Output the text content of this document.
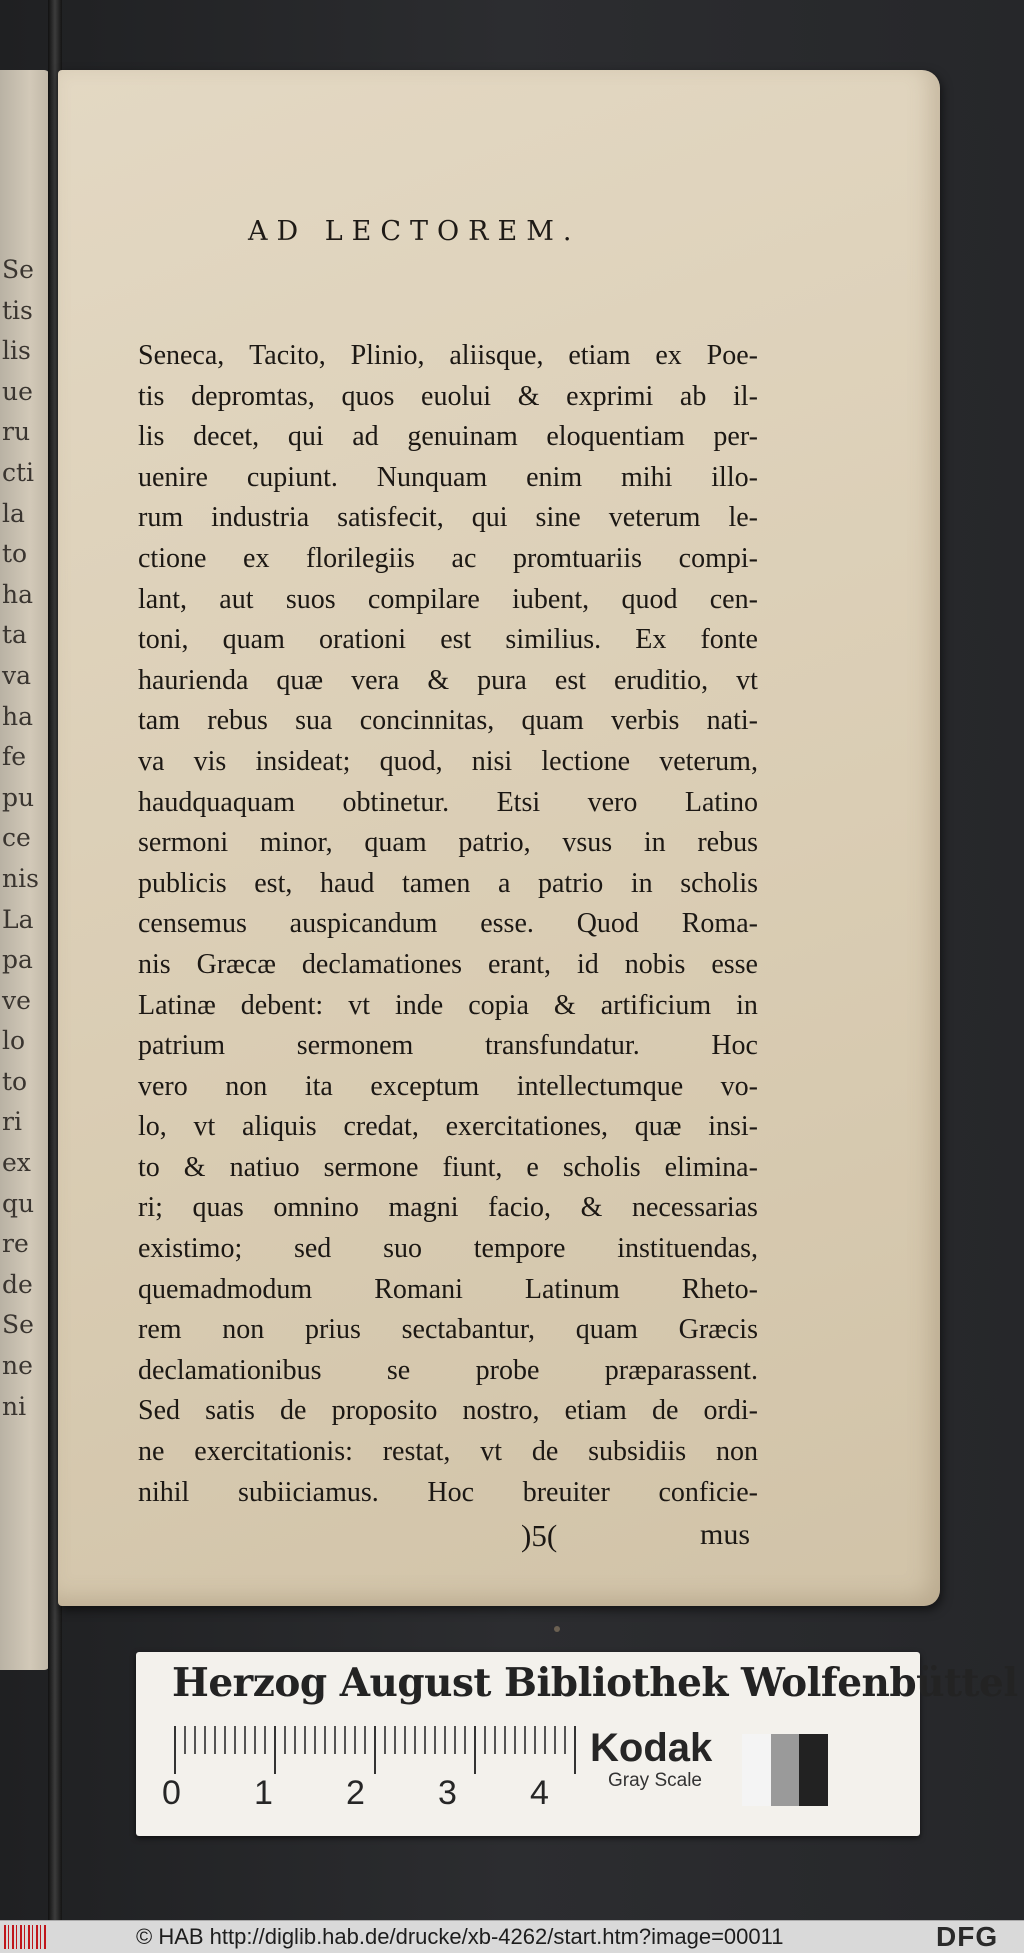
Se
tis
lis
ue
ru
cti
la
to
ha
ta
va
ha
fe
pu
ce
nis
La
pa
ve
lo
to
ri
ex
qu
re
de
Se
ne
ni
AD LECTOREM.
Seneca, Tacito, Plinio, aliisque, etiam ex Poe-
tis depromtas, quos euolui & exprimi ab il-
lis decet, qui ad genuinam eloquentiam per-
uenire cupiunt. Nunquam enim mihi illo-
rum industria satisfecit, qui sine veterum le-
ctione ex florilegiis ac promtuariis compi-
lant, aut suos compilare iubent, quod cen-
toni, quam orationi est similius. Ex fonte
haurienda quæ vera & pura est eruditio, vt
tam rebus sua concinnitas, quam verbis nati-
va vis insideat; quod, nisi lectione veterum,
haudquaquam obtinetur. Etsi vero Latino
sermoni minor, quam patrio, vsus in rebus
publicis est, haud tamen a patrio in scholis
censemus auspicandum esse. Quod Roma-
nis Græcæ declamationes erant, id nobis esse
Latinæ debent: vt inde copia & artificium in
patrium	sermonem	transfundatur.	Hoc
vero non ita exceptum intellectumque vo-
lo, vt aliquis credat, exercitationes, quæ insi-
to & natiuo sermone fiunt, e scholis elimina-
ri; quas omnino magni facio, & necessarias
existimo; sed suo tempore instituendas,
quemadmodum Romani Latinum Rheto-
rem non prius sectabantur, quam Græcis
declamationibus se probe præparassent.
Sed satis de proposito nostro, etiam de ordi-
ne exercitationis: restat, vt de subsidiis non
nihil subiiciamus. Hoc breuiter conficie-
)5(	mus
Herzog August Bibliothek Wolfenbüttel
0 1 2 3 4
Kodak
Gray Scale
© HAB http://diglib.hab.de/drucke/xb-4262/start.htm?image=00011	DFG
